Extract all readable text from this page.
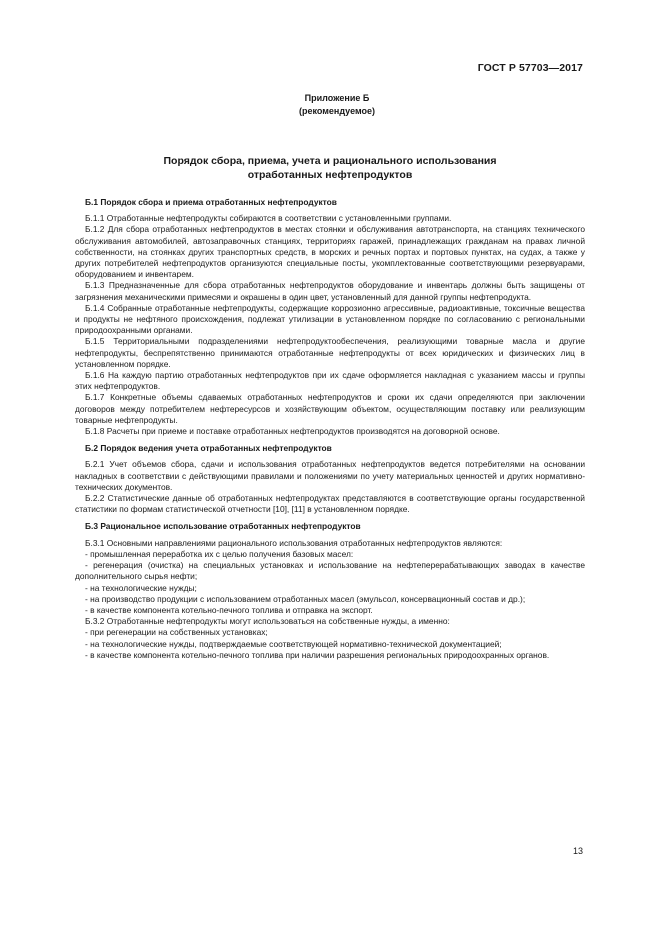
ГОСТ Р 57703—2017
Приложение Б
(рекомендуемое)
Порядок сбора, приема, учета и рационального использования
отработанных нефтепродуктов

Б.1 Порядок сбора и приема отработанных нефтепродуктов

Б.1.1 Отработанные нефтепродукты собираются в соответствии с установленными группами.

Б.1.2 Для сбора отработанных нефтепродуктов в местах стоянки и обслуживания автотранспорта, на станциях технического обслуживания автомобилей, автозаправочных станциях, территориях гаражей, принадлежащих гражданам на правах личной собственности, на стоянках других транспортных средств, в морских и речных портах и портовых пунктах, на судах, а также у других потребителей нефтепродуктов организуются специальные посты, укомплектованные соответствующими резервуарами, оборудованием и инвентарем.

Б.1.3 Предназначенные для сбора отработанных нефтепродуктов оборудование и инвентарь должны быть защищены от загрязнения механическими примесями и окрашены в один цвет, установленный для данной группы нефтепродукта.

Б.1.4 Собранные отработанные нефтепродукты, содержащие коррозионно агрессивные, радиоактивные, токсичные вещества и продукты не нефтяного происхождения, подлежат утилизации в установленном порядке по согласованию с региональными природоохранными органами.

Б.1.5 Территориальными подразделениями нефтепродуктообеспечения, реализующими товарные масла и другие нефтепродукты, беспрепятственно принимаются отработанные нефтепродукты от всех юридических и физических лиц в установленном порядке.

Б.1.6 На каждую партию отработанных нефтепродуктов при их сдаче оформляется накладная с указанием массы и группы этих нефтепродуктов.

Б.1.7 Конкретные объемы сдаваемых отработанных нефтепродуктов и сроки их сдачи определяются при заключении договоров между потребителем нефтересурсов и хозяйствующим объектом, осуществляющим поставку или реализующим товарные нефтепродукты.

Б.1.8 Расчеты при приеме и поставке отработанных нефтепродуктов производятся на договорной основе.

Б.2 Порядок ведения учета отработанных нефтепродуктов

Б.2.1 Учет объемов сбора, сдачи и использования отработанных нефтепродуктов ведется потребителями на основании накладных в соответствии с действующими правилами и положениями по учету материальных ценностей и других нормативно-технических документов.

Б.2.2 Статистические данные об отработанных нефтепродуктах представляются в соответствующие органы государственной статистики по формам статистической отчетности [10], [11] в установленном порядке.

Б.3 Рациональное использование отработанных нефтепродуктов

Б.3.1 Основными направлениями рационального использования отработанных нефтепродуктов являются:

- промышленная переработка их с целью получения базовых масел:

- регенерация (очистка) на специальных установках и использование на нефтеперерабатывающих заводах в качестве дополнительного сырья нефти;

- на технологические нужды;

- на производство продукции с использованием отработанных масел (эмульсол, консервационный состав и др.);

- в качестве компонента котельно-печного топлива и отправка на экспорт.

Б.3.2 Отработанные нефтепродукты могут использоваться на собственные нужды, а именно:

- при регенерации на собственных установках;

- на технологические нужды, подтверждаемые соответствующей нормативно-технической документацией;

- в качестве компонента котельно-печного топлива при наличии разрешения региональных природоохранных органов.

13
